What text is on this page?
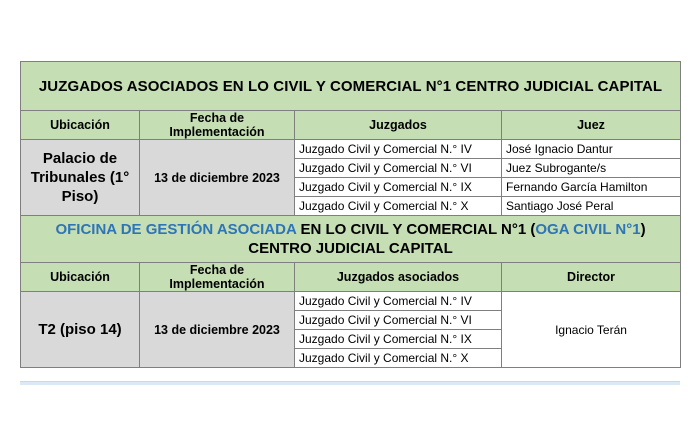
JUZGADOS ASOCIADOS EN LO CIVIL Y COMERCIAL N°1 CENTRO JUDICIAL CAPITAL			
Ubicación	Fecha de Implementación	Juzgados	Juez
Palacio de Tribunales (1° Piso)	13 de diciembre 2023	Juzgado Civil y Comercial N.° IV	José Ignacio Dantur
		Juzgado Civil y Comercial N.° VI	Juez Subrogante/s
		Juzgado Civil y Comercial N.° IX	Fernando García Hamilton
		Juzgado Civil y Comercial N.° X	Santiago José Peral
OFICINA DE GESTIÓN ASOCIADA EN LO CIVIL Y COMERCIAL N°1 (OGA CIVIL N°1) CENTRO JUDICIAL CAPITAL			
Ubicación	Fecha de Implementación	Juzgados asociados	Director
T2 (piso 14)	13 de diciembre 2023	Juzgado Civil y Comercial N.° IV	Ignacio Terán
		Juzgado Civil y Comercial N.° VI	
		Juzgado Civil y Comercial N.° IX	
		Juzgado Civil y Comercial N.° X	
